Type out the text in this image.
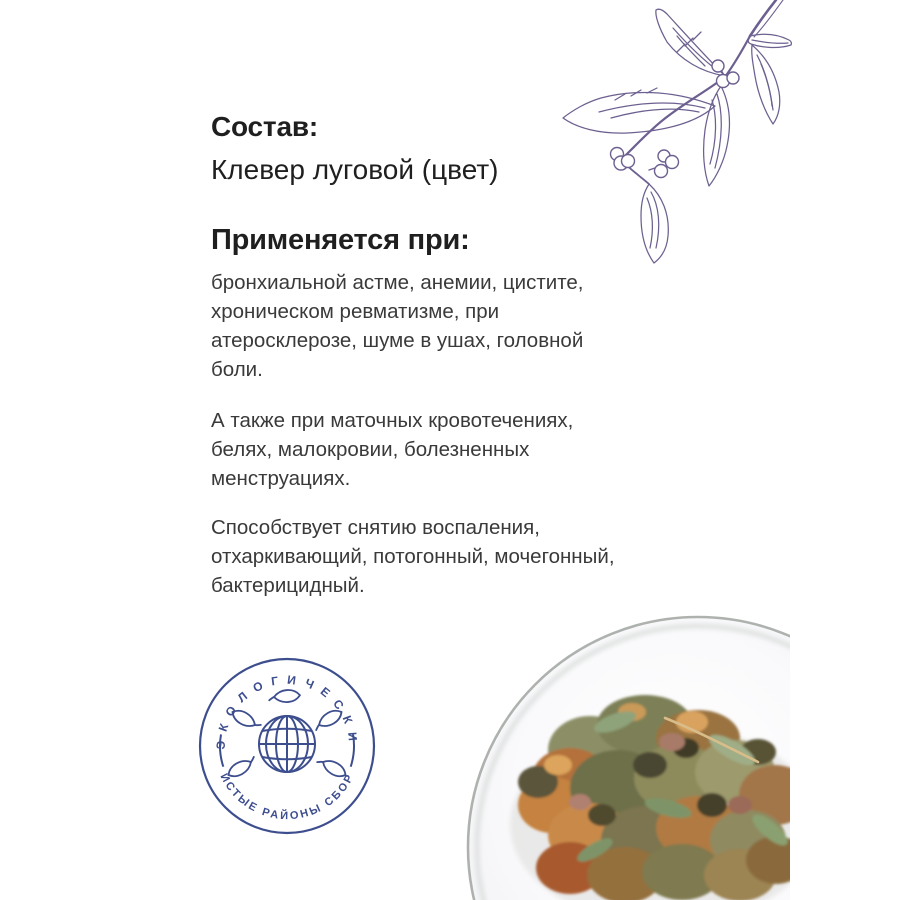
Состав:
Клевер луговой (цвет)
Применяется при:

бронхиальной астме, анемии, цистите,
хроническом ревматизме, при
атеросклерозе, шуме в ушах, головной
боли.

А также при маточных кровотечениях,
белях, малокровии, болезненных
менструациях.

Способствует снятию воспаления,
отхаркивающий, потогонный, мочегонный,
бактерицидный.

ЭКОЛОГИЧЕСКИ
ИСТЫЕ РАЙОНЫ СБОР
